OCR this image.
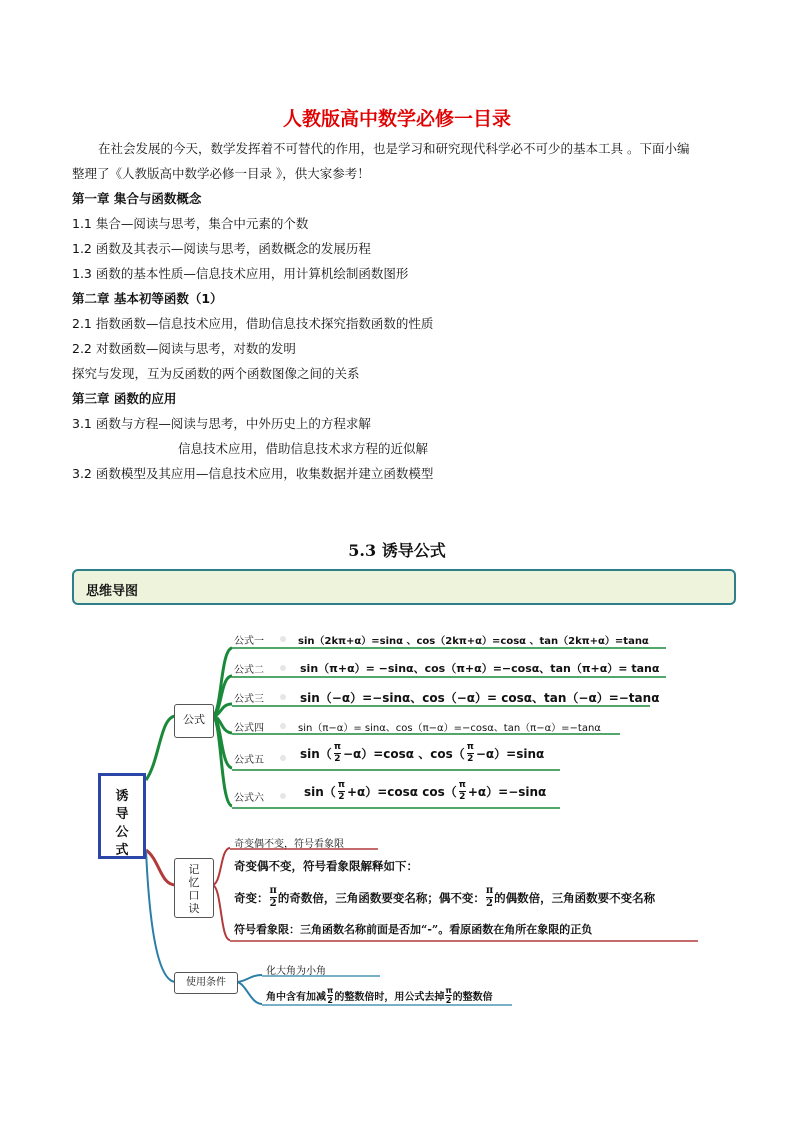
人教版高中数学必修一目录
在社会发展的今天，数学发挥着不可替代的作用，也是学习和研究现代科学必不可少的基本工具 。下面小编
整理了《人教版高中数学必修一目录 》，供大家参考！
第一章 集合与函数概念
1.1 集合—阅读与思考，集合中元素的个数
1.2 函数及其表示—阅读与思考，函数概念的发展历程
1.3 函数的基本性质—信息技术应用，用计算机绘制函数图形
第二章 基本初等函数（1）
2.1 指数函数—信息技术应用，借助信息技术探究指数函数的性质
2.2 对数函数—阅读与思考，对数的发明
探究与发现，互为反函数的两个函数图像之间的关系
第三章 函数的应用
3.1 函数与方程—阅读与思考，中外历史上的方程求解
信息技术应用，借助信息技术求方程的近似解
3.2 函数模型及其应用—信息技术应用，收集数据并建立函数模型
5.3 诱导公式
思维导图
诱导公式
公式
公式一	sin（2kπ+α）=sinα 、cos（2kπ+α）=cosα 、tan（2kπ+α）=tanα
公式二	sin（π+α）= −sinα、cos（π+α）=−cosα、tan（π+α）= tanα
公式三	sin（−α）=−sinα、cos（−α）= cosα、tan（−α）=−tanα
公式四	sin（π−α）= sinα、cos（π−α）=−cosα、tan（π−α）=−tanα
公式五	$\sin( \frac{\pi}{2} -\alpha)=\cos\alpha$ 、$\cos( \frac{\pi}{2} -\alpha)=\sin\alpha$
公式六	$\sin( \frac{\pi}{2} +\alpha)=\cos\alpha$ $\cos( \frac{\pi}{2} +\alpha)=-\sin\alpha$
记忆口诀
奇变偶不变，符号看象限
奇变偶不变，符号看象限解释如下：
奇变： $\frac{\pi}{2}$ 的奇数倍，三角函数要变名称；偶不变： $\frac{\pi}{2}$ 的偶数倍，三角函数要不变名称
符号看象限：三角函数名称前面是否加“-”。看原函数在角所在象限的正负
使用条件
化大角为小角
角中含有加减 $\frac{\pi}{2}$ 的整数倍时，用公式去掉 $\frac{\pi}{2}$ 的整数倍
